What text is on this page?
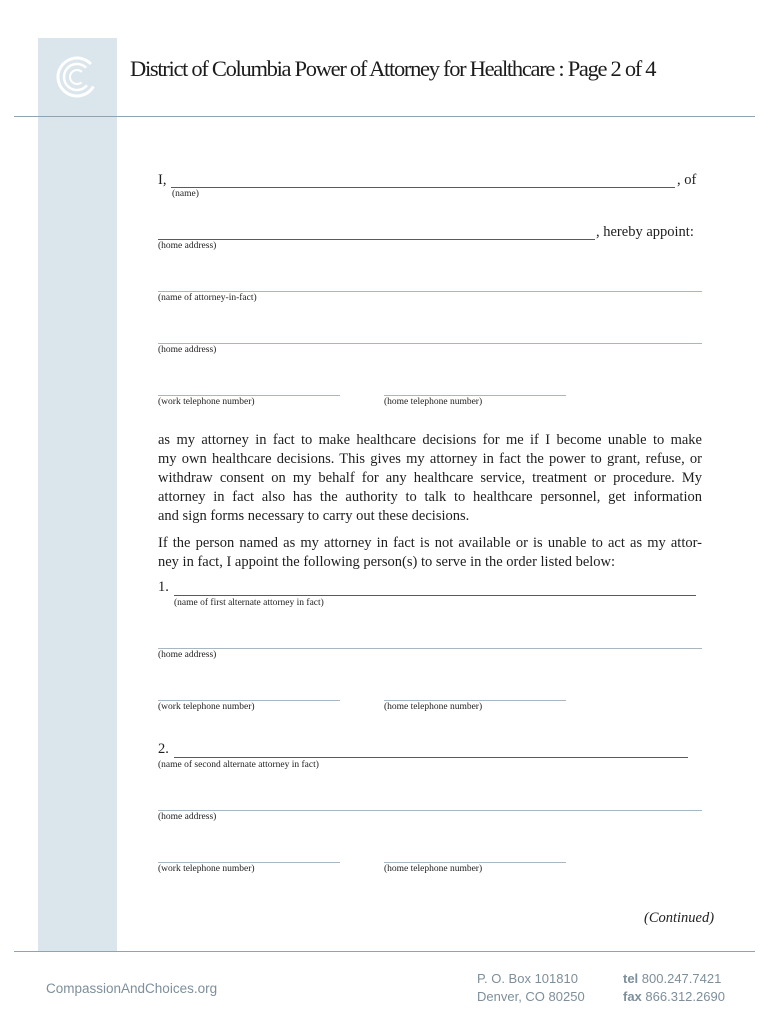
District of Columbia Power of Attorney for Healthcare : Page 2 of 4
I,	, of
(name)
, hereby appoint:
(home address)
(name of attorney-in-fact)
(home address)
(work telephone number)	(home telephone number)
as my attorney in fact to make healthcare decisions for me if I become unable to make
my own healthcare decisions. This gives my attorney in fact the power to grant, refuse, or
withdraw consent on my behalf for any healthcare service, treatment or procedure. My
attorney in fact also has the authority to talk to healthcare personnel, get information
and sign forms necessary to carry out these decisions.
If the person named as my attorney in fact is not available or is unable to act as my attor-
ney in fact, I appoint the following person(s) to serve in the order listed below:
1.
(name of first alternate attorney in fact)
(home address)
(work telephone number)	(home telephone number)
2.
(name of second alternate attorney in fact)
(home address)
(work telephone number)	(home telephone number)
(Continued)
CompassionAndChoices.org
P. O. Box 101810
Denver, CO 80250
tel 800.247.7421
fax 866.312.2690
